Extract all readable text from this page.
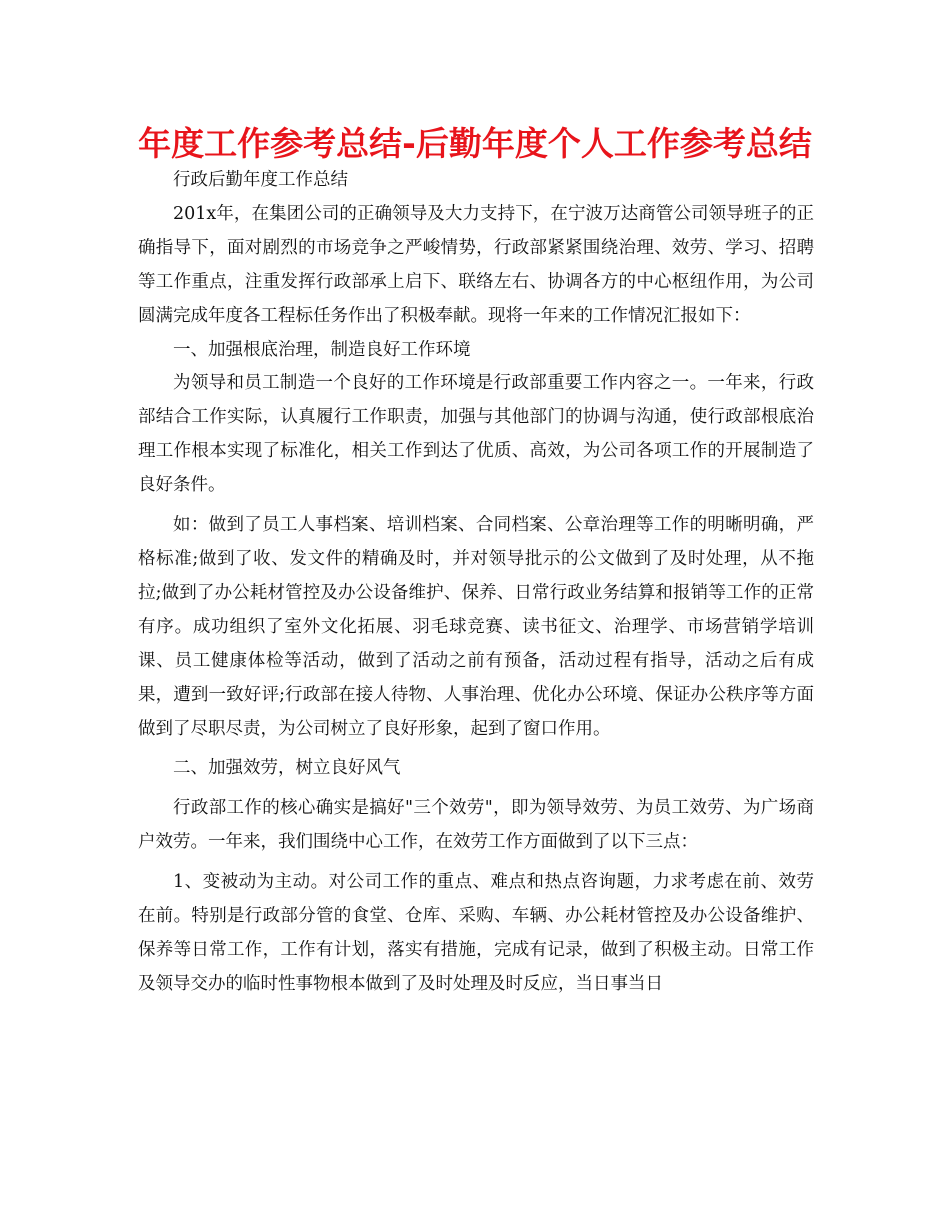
年度工作参考总结-后勤年度个人工作参考总结

行政后勤年度工作总结

201x年，在集团公司的正确领导及大力支持下，在宁波万达商管公司领导班子的正确指导下，面对剧烈的市场竞争之严峻情势，行政部紧紧围绕治理、效劳、学习、招聘等工作重点，注重发挥行政部承上启下、联络左右、协调各方的中心枢纽作用，为公司圆满完成年度各工程标任务作出了积极奉献。现将一年来的工作情况汇报如下：

一、加强根底治理，制造良好工作环境

为领导和员工制造一个良好的工作环境是行政部重要工作内容之一。一年来，行政部结合工作实际，认真履行工作职责，加强与其他部门的协调与沟通，使行政部根底治理工作根本实现了标准化，相关工作到达了优质、高效，为公司各项工作的开展制造了良好条件。

如：做到了员工人事档案、培训档案、合同档案、公章治理等工作的明晰明确，严格标准;做到了收、发文件的精确及时，并对领导批示的公文做到了及时处理，从不拖拉;做到了办公耗材管控及办公设备维护、保养、日常行政业务结算和报销等工作的正常有序。成功组织了室外文化拓展、羽毛球竞赛、读书征文、治理学、市场营销学培训课、员工健康体检等活动，做到了活动之前有预备，活动过程有指导，活动之后有成果，遭到一致好评;行政部在接人待物、人事治理、优化办公环境、保证办公秩序等方面做到了尽职尽责，为公司树立了良好形象，起到了窗口作用。

二、加强效劳，树立良好风气

行政部工作的核心确实是搞好"三个效劳"，即为领导效劳、为员工效劳、为广场商户效劳。一年来，我们围绕中心工作，在效劳工作方面做到了以下三点：

1、变被动为主动。对公司工作的重点、难点和热点咨询题，力求考虑在前、效劳在前。特别是行政部分管的食堂、仓库、采购、车辆、办公耗材管控及办公设备维护、保养等日常工作，工作有计划，落实有措施，完成有记录，做到了积极主动。日常工作及领导交办的临时性事物根本做到了及时处理及时反应，当日事当日
